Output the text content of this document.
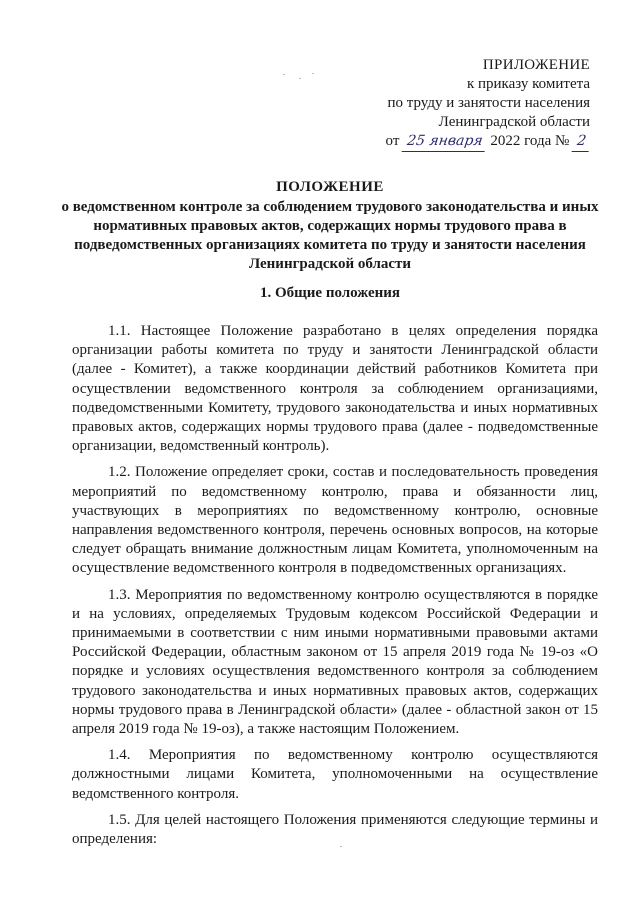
ПРИЛОЖЕНИЕ
к приказу комитета
по труду и занятости населения
Ленинградской области
от 25 января 2022 года № 2
ПОЛОЖЕНИЕ
о ведомственном контроле за соблюдением трудового законодательства и иных нормативных правовых актов, содержащих нормы трудового права в подведомственных организациях комитета по труду и занятости населения Ленинградской области
1. Общие положения

1.1. Настоящее Положение разработано в целях определения порядка организации работы комитета по труду и занятости Ленинградской области (далее - Комитет), а также координации действий работников Комитета при осуществлении ведомственного контроля за соблюдением организациями, подведомственными Комитету, трудового законодательства и иных нормативных правовых актов, содержащих нормы трудового права (далее - подведомственные организации, ведомственный контроль).

1.2. Положение определяет сроки, состав и последовательность проведения мероприятий по ведомственному контролю, права и обязанности лиц, участвующих в мероприятиях по ведомственному контролю, основные направления ведомственного контроля, перечень основных вопросов, на которые следует обращать внимание должностным лицам Комитета, уполномоченным на осуществление ведомственного контроля в подведомственных организациях.

1.3. Мероприятия по ведомственному контролю осуществляются в порядке и на условиях, определяемых Трудовым кодексом Российской Федерации и принимаемыми в соответствии с ним иными нормативными правовыми актами Российской Федерации, областным законом от 15 апреля 2019 года № 19-оз «О порядке и условиях осуществления ведомственного контроля за соблюдением трудового законодательства и иных нормативных правовых актов, содержащих нормы трудового права в Ленинградской области» (далее - областной закон от 15 апреля 2019 года № 19-оз), а также настоящим Положением.

1.4. Мероприятия по ведомственному контролю осуществляются должностными лицами Комитета, уполномоченными на осуществление ведомственного контроля.

1.5. Для целей настоящего Положения применяются следующие термины и определения:
